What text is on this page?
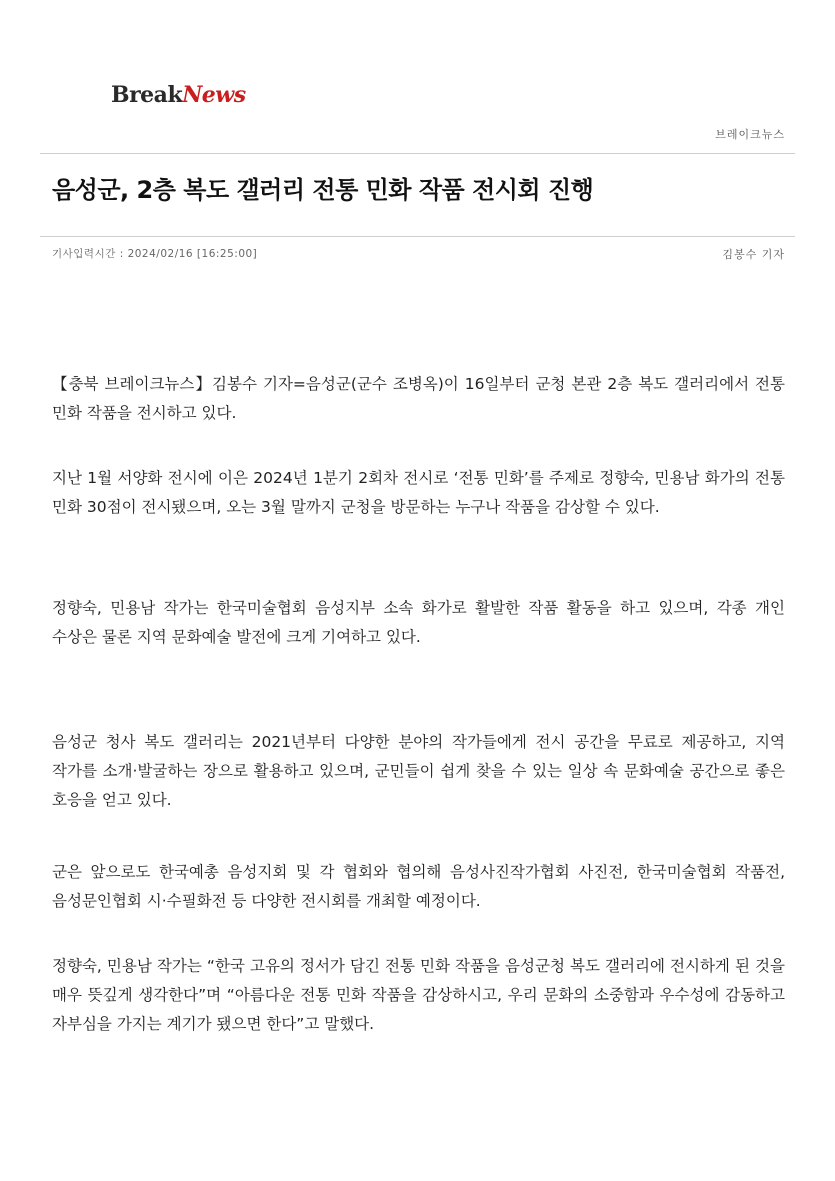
BreakNews
브레이크뉴스
음성군, 2층 복도 갤러리 전통 민화 작품 전시회 진행
기사입력시간 : 2024/02/16 [16:25:00]	김봉수 기자

【충북 브레이크뉴스】김봉수 기자=음성군(군수 조병옥)이 16일부터 군청 본관 2층 복도 갤러리에서 전통 민화 작품을 전시하고 있다.

지난 1월 서양화 전시에 이은 2024년 1분기 2회차 전시로 ‘전통 민화’를 주제로 정향숙, 민용남 화가의 전통 민화 30점이 전시됐으며, 오는 3월 말까지 군청을 방문하는 누구나 작품을 감상할 수 있다.

정향숙, 민용남 작가는 한국미술협회 음성지부 소속 화가로 활발한 작품 활동을 하고 있으며, 각종 개인 수상은 물론 지역 문화예술 발전에 크게 기여하고 있다.

음성군 청사 복도 갤러리는 2021년부터 다양한 분야의 작가들에게 전시 공간을 무료로 제공하고, 지역 작가를 소개·발굴하는 장으로 활용하고 있으며, 군민들이 쉽게 찾을 수 있는 일상 속 문화예술 공간으로 좋은 호응을 얻고 있다.

군은 앞으로도 한국예총 음성지회 및 각 협회와 협의해 음성사진작가협회 사진전, 한국미술협회 작품전, 음성문인협회 시·수필화전 등 다양한 전시회를 개최할 예정이다.

정향숙, 민용남 작가는 “한국 고유의 정서가 담긴 전통 민화 작품을 음성군청 복도 갤러리에 전시하게 된 것을 매우 뜻깊게 생각한다”며 “아름다운 전통 민화 작품을 감상하시고, 우리 문화의 소중함과 우수성에 감동하고 자부심을 가지는 계기가 됐으면 한다”고 말했다.
